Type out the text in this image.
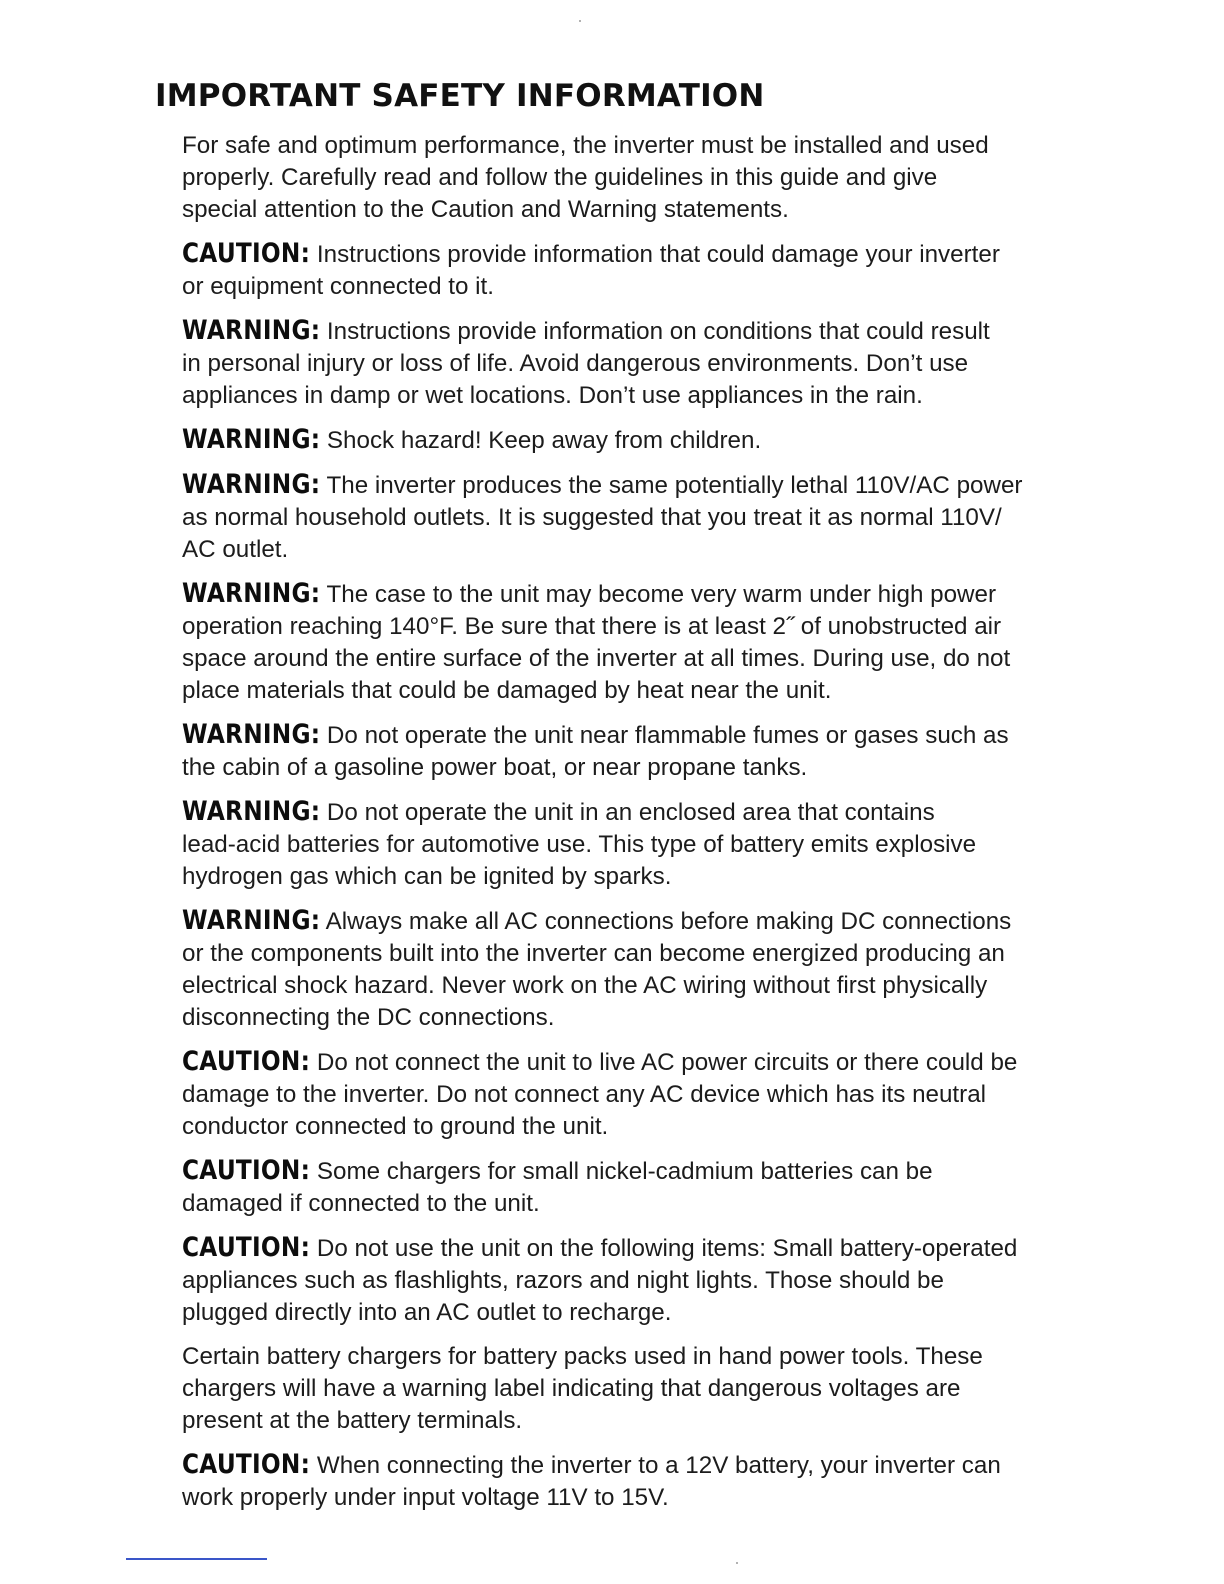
IMPORTANT SAFETY INFORMATION

For safe and optimum performance, the inverter must be installed and used
properly. Carefully read and follow the guidelines in this guide and give
special attention to the Caution and Warning statements.

CAUTION: Instructions provide information that could damage your inverter
or equipment connected to it.

WARNING: Instructions provide information on conditions that could result
in personal injury or loss of life. Avoid dangerous environments. Don’t use
appliances in damp or wet locations. Don’t use appliances in the rain.

WARNING: Shock hazard! Keep away from children.

WARNING: The inverter produces the same potentially lethal 110V/AC power
as normal household outlets. It is suggested that you treat it as normal 110V/
AC outlet.

WARNING: The case to the unit may become very warm under high power
operation reaching 140°F. Be sure that there is at least 2˝ of unobstructed air
space around the entire surface of the inverter at all times. During use, do not
place materials that could be damaged by heat near the unit.

WARNING: Do not operate the unit near flammable fumes or gases such as
the cabin of a gasoline power boat, or near propane tanks.

WARNING: Do not operate the unit in an enclosed area that contains
lead-acid batteries for automotive use. This type of battery emits explosive
hydrogen gas which can be ignited by sparks.

WARNING: Always make all AC connections before making DC connections
or the components built into the inverter can become energized producing an
electrical shock hazard. Never work on the AC wiring without first physically
disconnecting the DC connections.

CAUTION: Do not connect the unit to live AC power circuits or there could be
damage to the inverter. Do not connect any AC device which has its neutral
conductor connected to ground the unit.

CAUTION: Some chargers for small nickel-cadmium batteries can be
damaged if connected to the unit.

CAUTION: Do not use the unit on the following items: Small battery-operated
appliances such as flashlights, razors and night lights. Those should be
plugged directly into an AC outlet to recharge.

Certain battery chargers for battery packs used in hand power tools. These
chargers will have a warning label indicating that dangerous voltages are
present at the battery terminals.

CAUTION: When connecting the inverter to a 12V battery, your inverter can
work properly under input voltage 11V to 15V.
